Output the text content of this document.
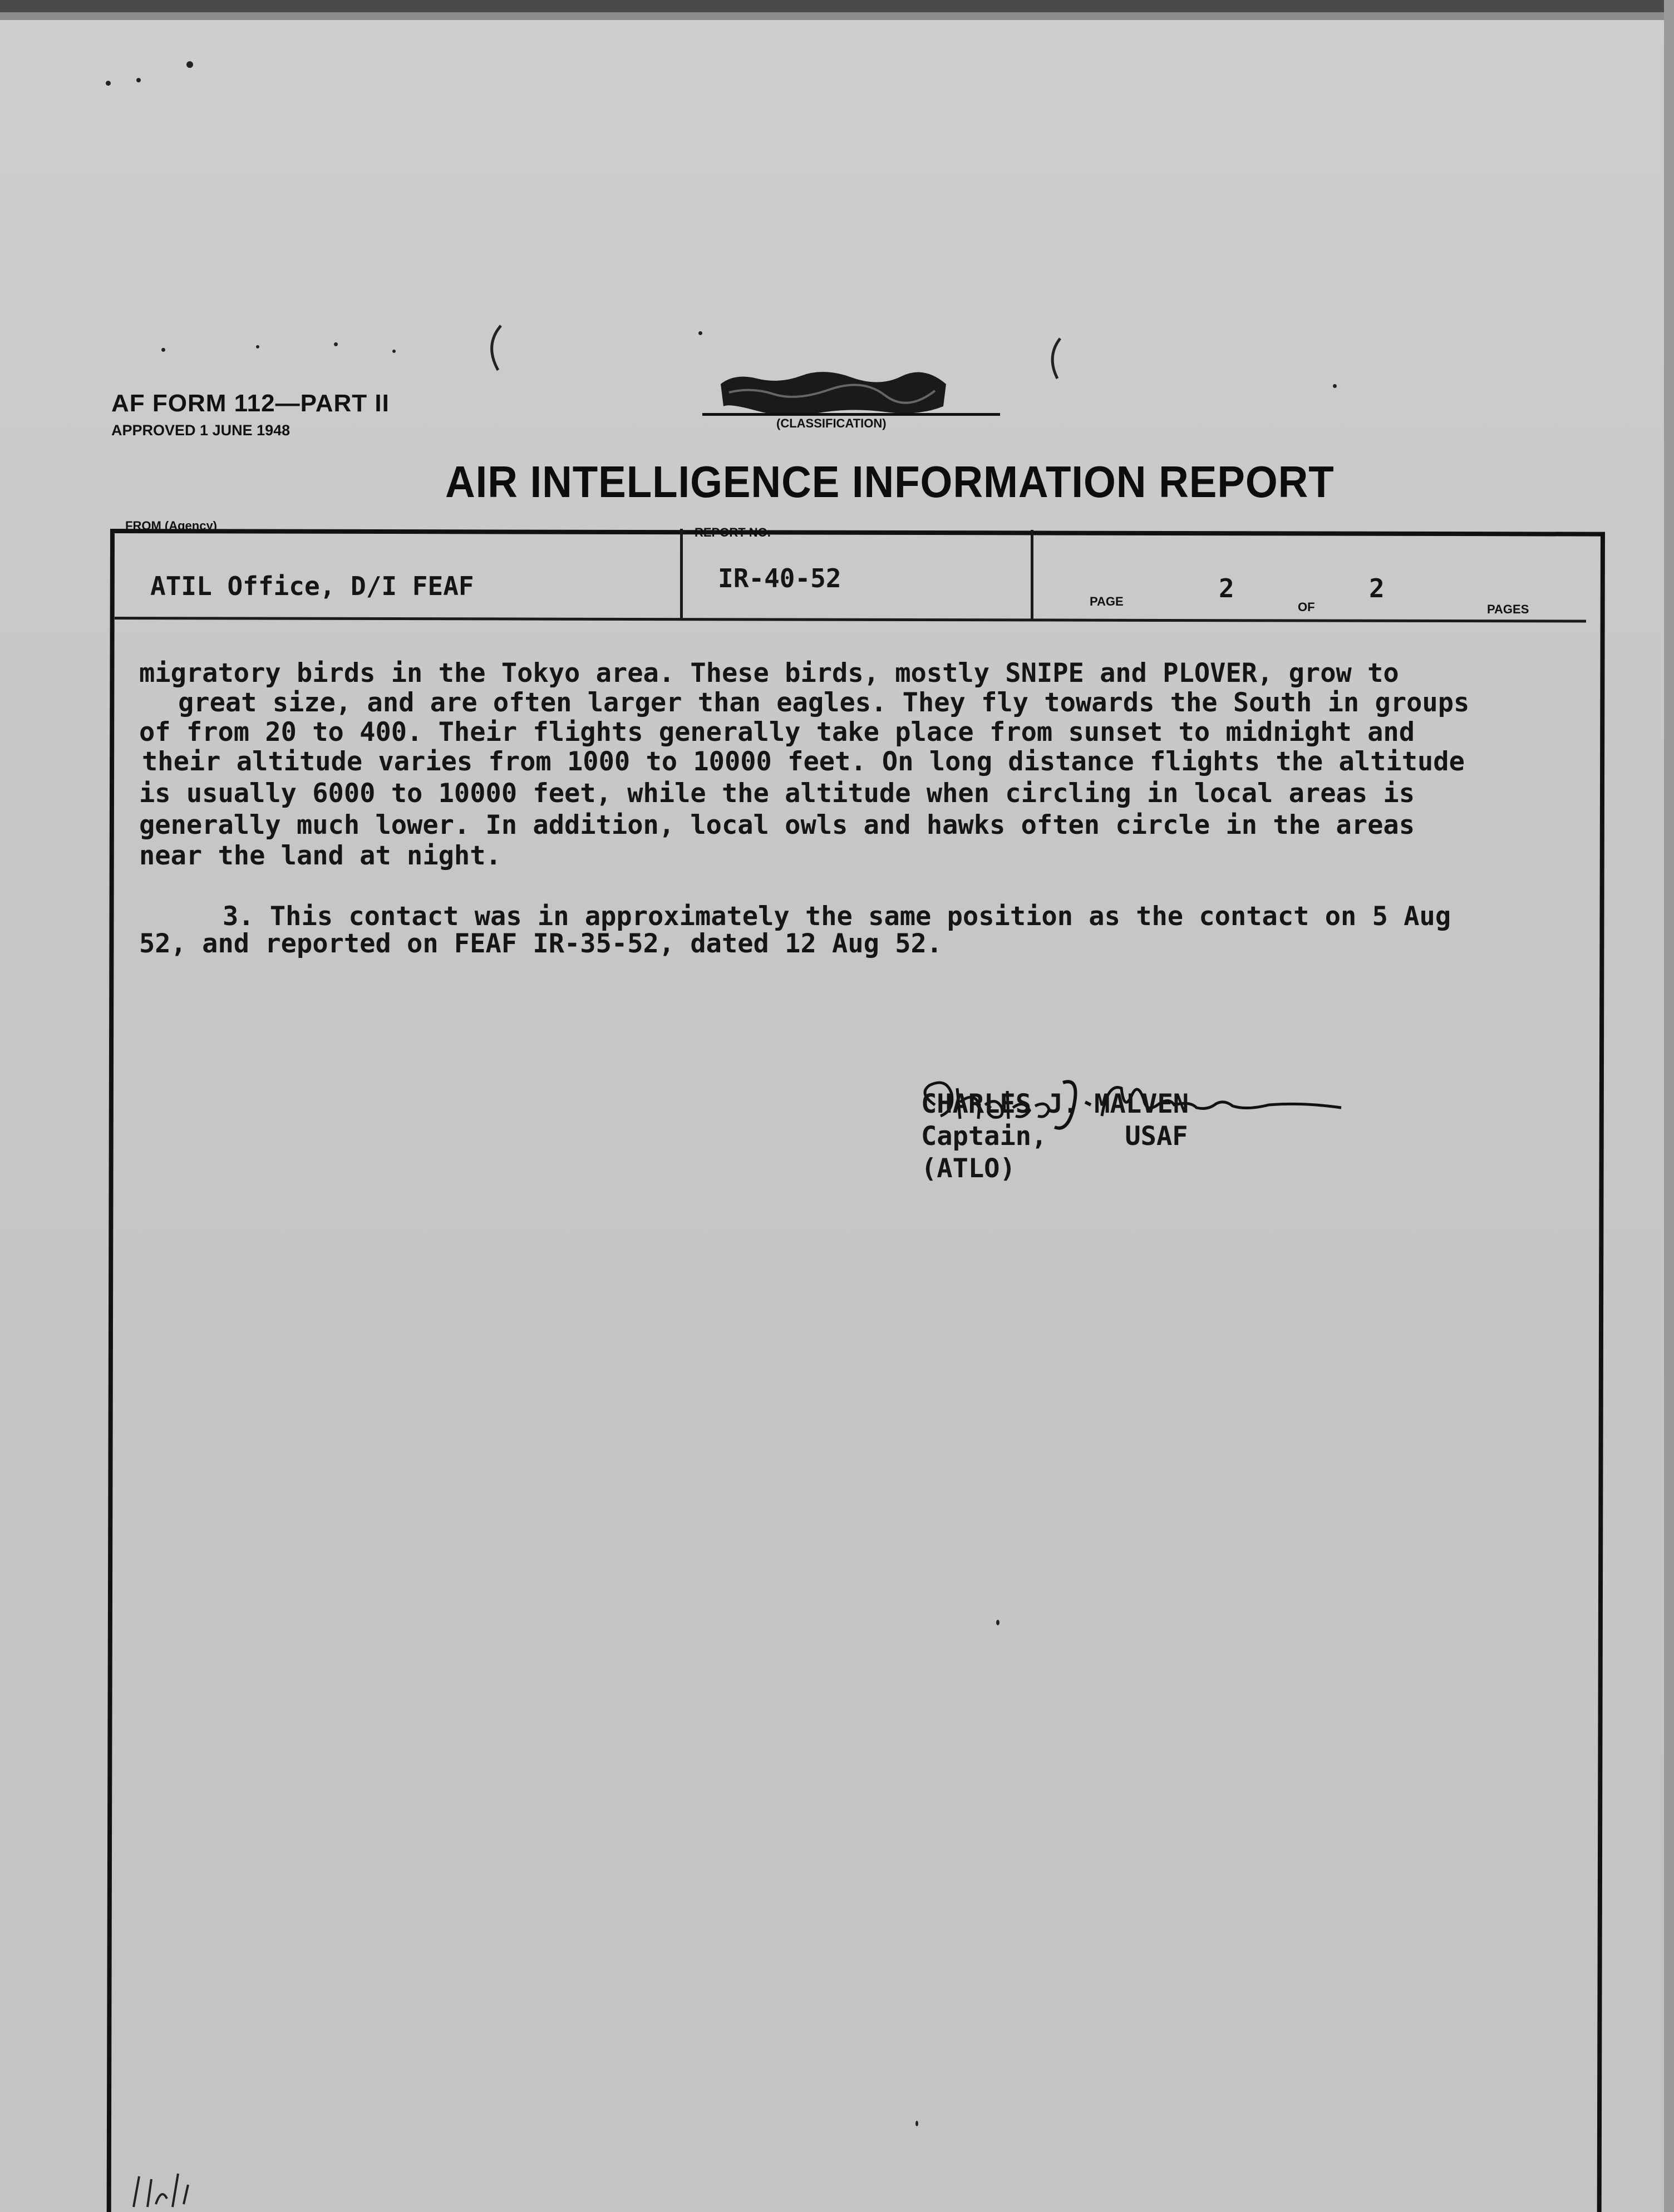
AF FORM 112—PART II
APPROVED 1 JUNE 1948	(CLASSIFICATION)
AIR INTELLIGENCE INFORMATION REPORT
FROM (Agency)
ATIL Office, D/I FEAF
REPORT NO.
IR-40-52
PAGE	2
OF
2
PAGES
migratory birds in the Tokyo area. These birds, mostly SNIPE and PLOVER, grow to
great size, and are often larger than eagles. They fly towards the South in groups
of from 20 to 400. Their flights generally take place from sunset to midnight and
their altitude varies from 1000 to 10000 feet. On long distance flights the altitude
is usually 6000 to 10000 feet, while the altitude when circling in local areas is
generally much lower. In addition, local owls and hawks often circle in the areas
near the land at night.
3. This contact was in approximately the same position as the contact on 5 Aug
52, and reported on FEAF IR-35-52, dated 12 Aug 52.
CHARLES J. MALVEN
Captain,	USAF
(ATLO)
